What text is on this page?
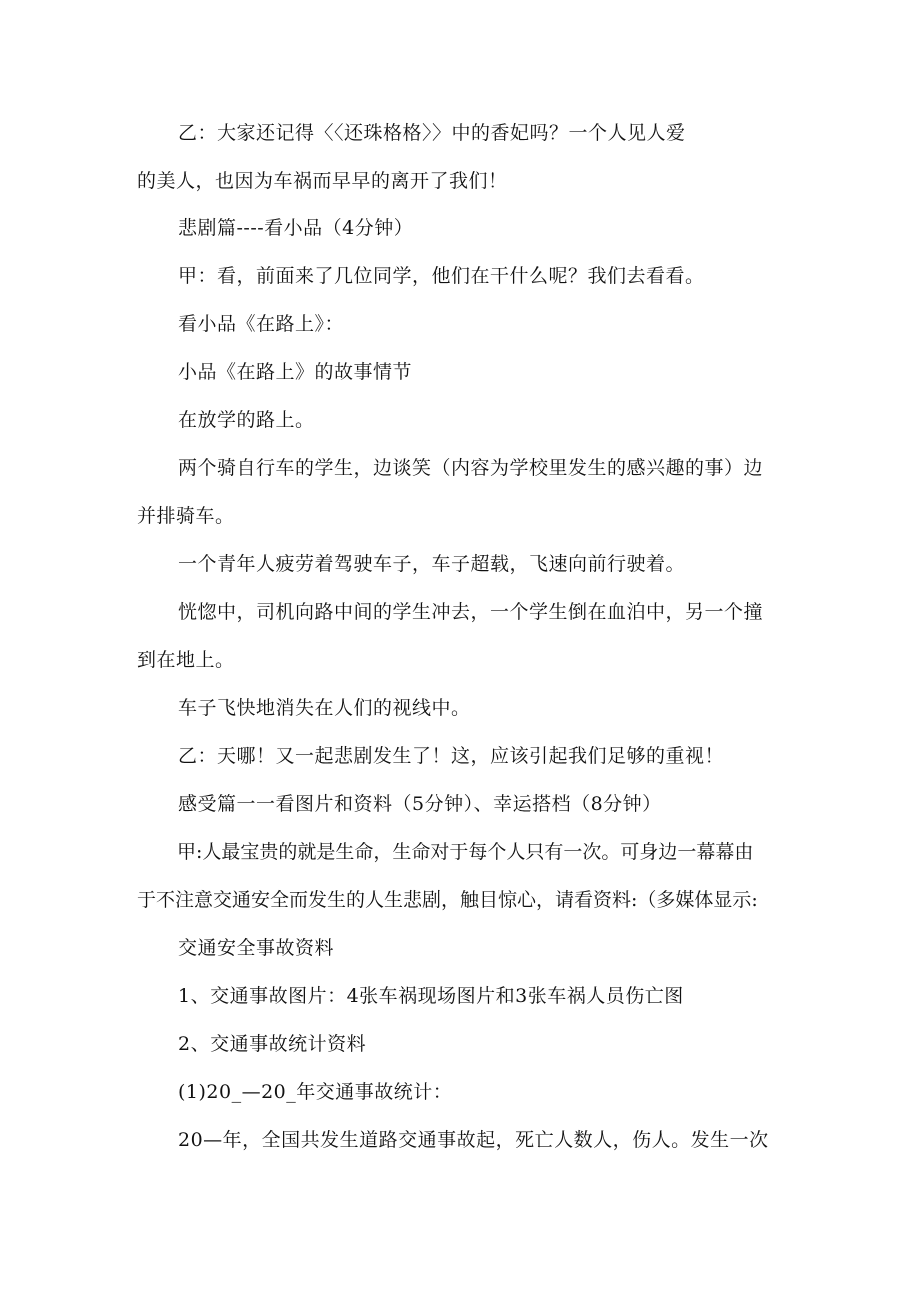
乙：大家还记得〈〈还珠格格〉〉中的香妃吗？一个人见人爱

的美人，也因为车祸而早早的离开了我们！

悲剧篇----看小品（4分钟）

甲：看，前面来了几位同学，他们在干什么呢？我们去看看。

看小品《在路上》：

小品《在路上》的故事情节

在放学的路上。

两个骑自行车的学生，边谈笑（内容为学校里发生的感兴趣的事）边

并排骑车。

一个青年人疲劳着驾驶车子，车子超载，飞速向前行驶着。

恍惚中，司机向路中间的学生冲去，一个学生倒在血泊中，另一个撞

到在地上。

车子飞快地消失在人们的视线中。

乙：天哪！又一起悲剧发生了！这，应该引起我们足够的重视！

感受篇一一看图片和资料（5分钟）、幸运搭档（8分钟）

甲:人最宝贵的就是生命，生命对于每个人只有一次。可身边一幕幕由

于不注意交通安全而发生的人生悲剧，触目惊心，请看资料:（多媒体显示:

交通安全事故资料

1、交通事故图片：4张车祸现场图片和3张车祸人员伤亡图

2、交通事故统计资料

(1)20_—20_年交通事故统计：

20—年，全国共发生道路交通事故起，死亡人数人，伤人。发生一次
